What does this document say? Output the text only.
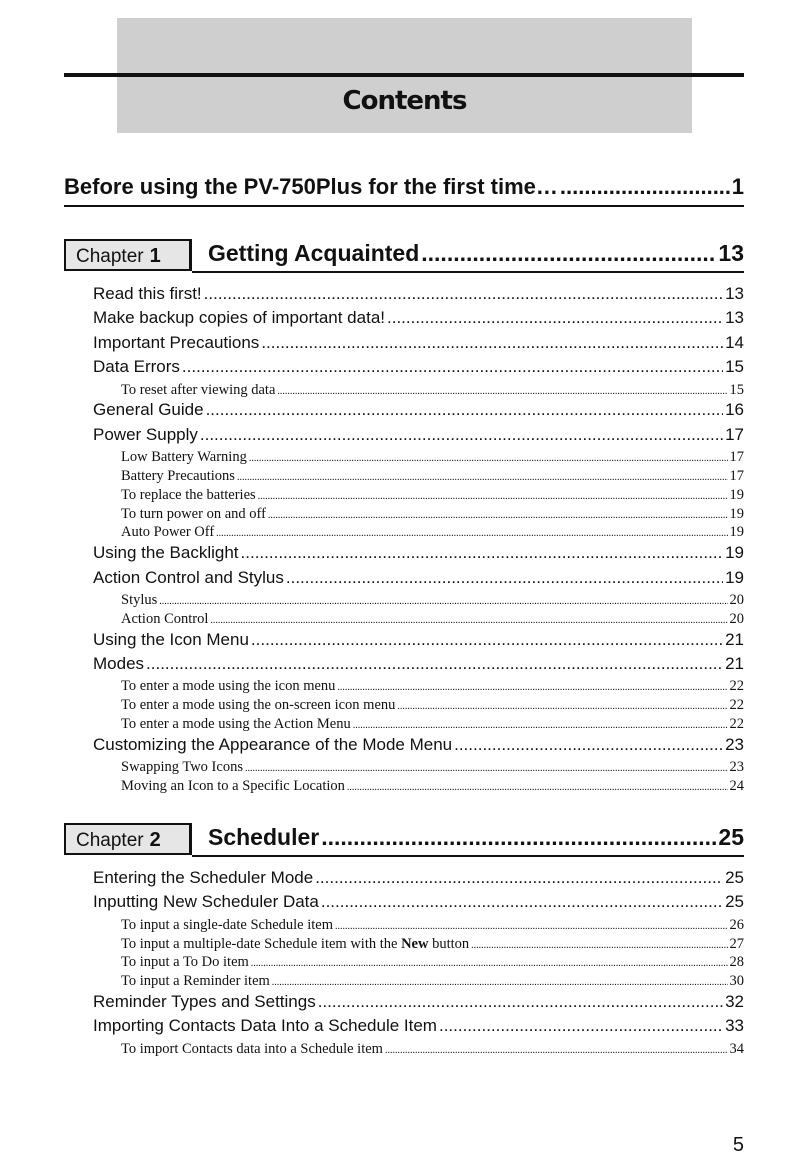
Contents
Before using the PV-750Plus for the first time… .....	1
Chapter 1	Getting Acquainted .....	13
Read this first! .....	13
Make backup copies of important data! .....	13
Important Precautions .....	14
Data Errors .....	15
To reset after viewing data .....	15
General Guide .....	16
Power Supply .....	17
Low Battery Warning .....	17
Battery Precautions .....	17
To replace the batteries .....	19
To turn power on and off .....	19
Auto Power Off .....	19
Using the Backlight .....	19
Action Control and Stylus .....	19
Stylus .....	20
Action Control .....	20
Using the Icon Menu .....	21
Modes .....	21
To enter a mode using the icon menu .....	22
To enter a mode using the on-screen icon menu .....	22
To enter a mode using the Action Menu .....	22
Customizing the Appearance of the Mode Menu .....	23
Swapping Two Icons .....	23
Moving an Icon to a Specific Location .....	24
Chapter 2	Scheduler .....	25
Entering the Scheduler Mode .....	25
Inputting New Scheduler Data .....	25
To input a single-date Schedule item .....	26
To input a multiple-date Schedule item with the New button .....	27
To input a To Do item .....	28
To input a Reminder item .....	30
Reminder Types and Settings .....	32
Importing Contacts Data Into a Schedule Item .....	33
To import Contacts data into a Schedule item .....	34
5
